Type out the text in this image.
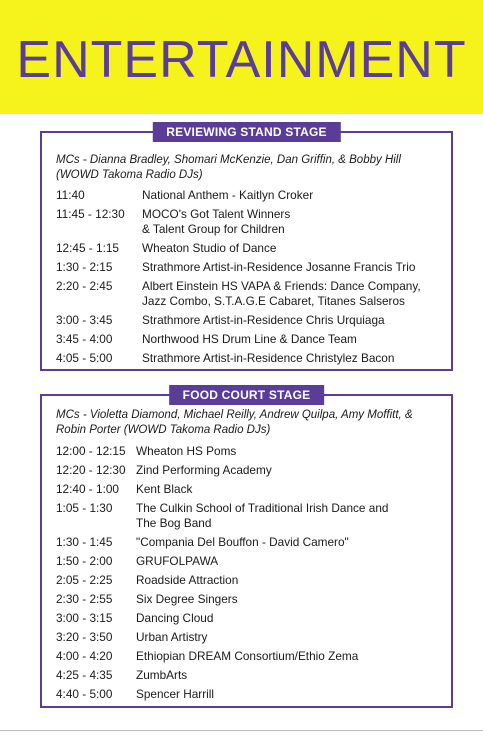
ENTERTAINMENT
REVIEWING STAND STAGE
MCs - Dianna Bradley, Shomari McKenzie, Dan Griffin, & Bobby Hill (WOWD Takoma Radio DJs)
11:40	National Anthem - Kaitlyn Croker
11:45 - 12:30	MOCO's Got Talent Winners
& Talent Group for Children
12:45 - 1:15	Wheaton Studio of Dance
1:30 - 2:15	Strathmore Artist-in-Residence Josanne Francis Trio
2:20 - 2:45	Albert Einstein HS VAPA & Friends: Dance Company,
Jazz Combo, S.T.A.G.E Cabaret, Titanes Salseros
3:00 - 3:45	Strathmore Artist-in-Residence Chris Urquiaga
3:45 - 4:00	Northwood HS Drum Line & Dance Team
4:05 - 5:00	Strathmore Artist-in-Residence Christylez Bacon
FOOD COURT STAGE
MCs - Violetta Diamond, Michael Reilly, Andrew Quilpa, Amy Moffitt, & Robin Porter (WOWD Takoma Radio DJs)
12:00 - 12:15 Wheaton HS Poms
12:20 - 12:30 Zind Performing Academy
12:40 - 1:00	Kent Black
1:05 - 1:30	The Culkin School of Traditional Irish Dance and
The Bog Band
1:30 - 1:45	"Compania Del Bouffon - David Camero"
1:50 - 2:00	GRUFOLPAWA
2:05 - 2:25	Roadside Attraction
2:30 - 2:55	Six Degree Singers
3:00 - 3:15	Dancing Cloud
3:20 - 3:50	Urban Artistry
4:00 - 4:20	Ethiopian DREAM Consortium/Ethio Zema
4:25 - 4:35	ZumbArts
4:40 - 5:00	Spencer Harrill
